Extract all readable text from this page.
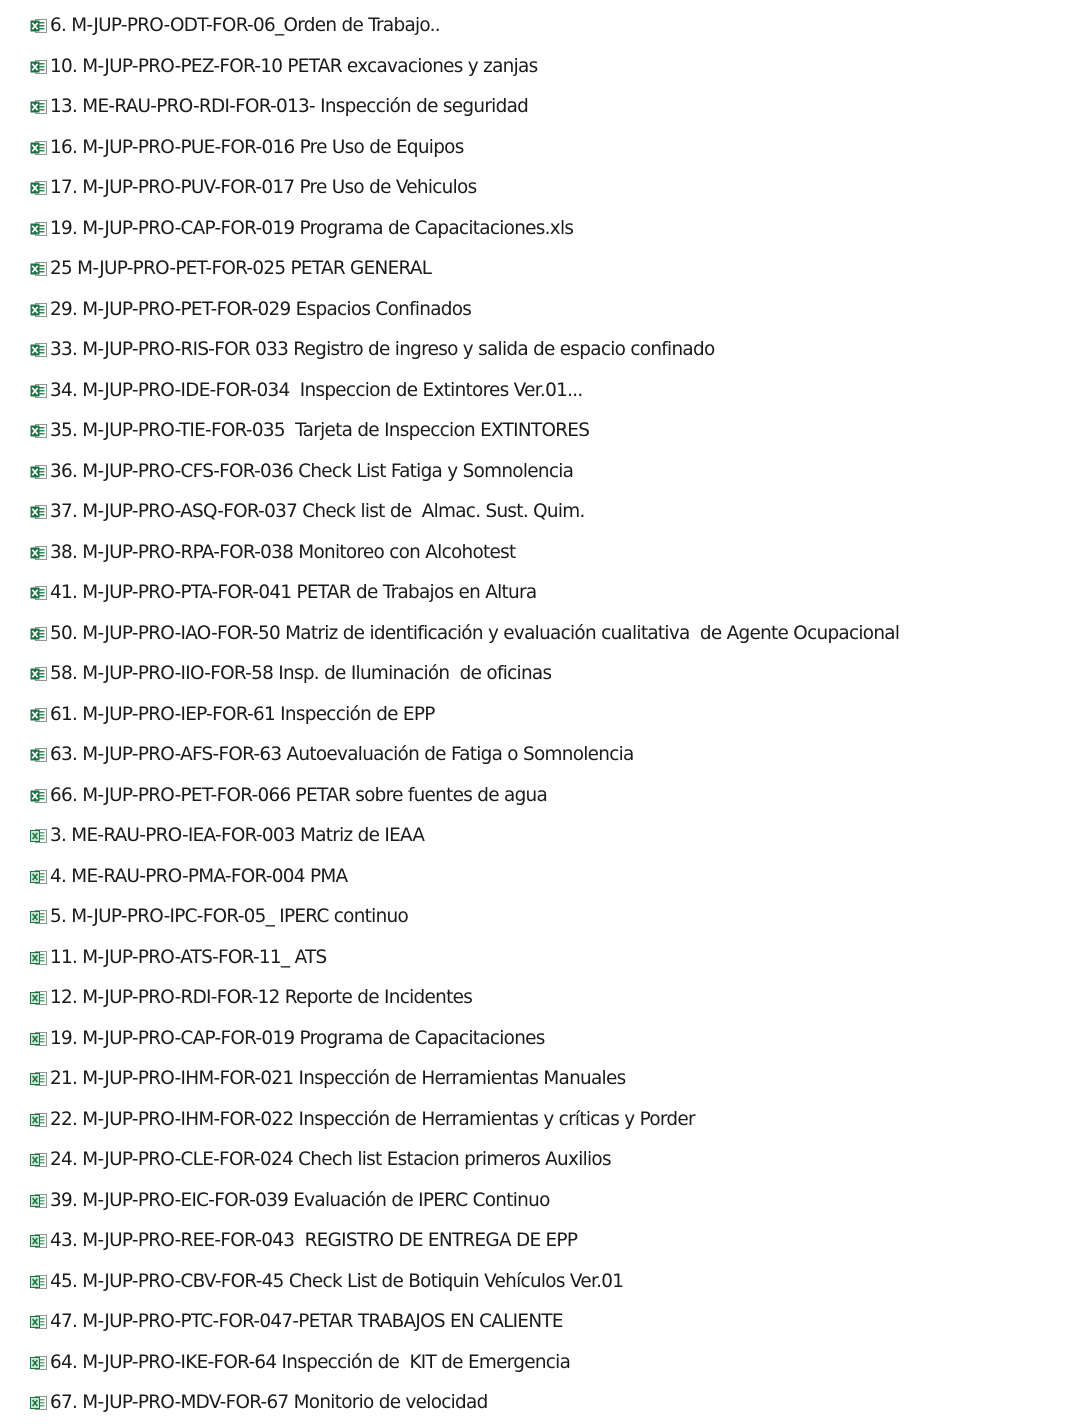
6. M-JUP-PRO-ODT-FOR-06_Orden de Trabajo..
10. M-JUP-PRO-PEZ-FOR-10 PETAR excavaciones y zanjas
13. ME-RAU-PRO-RDI-FOR-013- Inspección de seguridad
16. M-JUP-PRO-PUE-FOR-016 Pre Uso de Equipos
17. M-JUP-PRO-PUV-FOR-017 Pre Uso de Vehiculos
19. M-JUP-PRO-CAP-FOR-019 Programa de Capacitaciones.xls
25 M-JUP-PRO-PET-FOR-025 PETAR GENERAL
29. M-JUP-PRO-PET-FOR-029 Espacios Confinados
33. M-JUP-PRO-RIS-FOR 033 Registro de ingreso y salida de espacio confinado
34. M-JUP-PRO-IDE-FOR-034  Inspeccion de Extintores Ver.01...
35. M-JUP-PRO-TIE-FOR-035  Tarjeta de Inspeccion EXTINTORES
36. M-JUP-PRO-CFS-FOR-036 Check List Fatiga y Somnolencia
37. M-JUP-PRO-ASQ-FOR-037 Check list de  Almac. Sust. Quim.
38. M-JUP-PRO-RPA-FOR-038 Monitoreo con Alcohotest
41. M-JUP-PRO-PTA-FOR-041 PETAR de Trabajos en Altura
50. M-JUP-PRO-IAO-FOR-50 Matriz de identificación y evaluación cualitativa  de Agente Ocupacional
58. M-JUP-PRO-IIO-FOR-58 Insp. de Iluminación  de oficinas
61. M-JUP-PRO-IEP-FOR-61 Inspección de EPP
63. M-JUP-PRO-AFS-FOR-63 Autoevaluación de Fatiga o Somnolencia
66. M-JUP-PRO-PET-FOR-066 PETAR sobre fuentes de agua
3. ME-RAU-PRO-IEA-FOR-003 Matriz de IEAA
4. ME-RAU-PRO-PMA-FOR-004 PMA
5. M-JUP-PRO-IPC-FOR-05_ IPERC continuo
11. M-JUP-PRO-ATS-FOR-11_ ATS
12. M-JUP-PRO-RDI-FOR-12 Reporte de Incidentes
19. M-JUP-PRO-CAP-FOR-019 Programa de Capacitaciones
21. M-JUP-PRO-IHM-FOR-021 Inspección de Herramientas Manuales
22. M-JUP-PRO-IHM-FOR-022 Inspección de Herramientas y críticas y Porder
24. M-JUP-PRO-CLE-FOR-024 Chech list Estacion primeros Auxilios
39. M-JUP-PRO-EIC-FOR-039 Evaluación de IPERC Continuo
43. M-JUP-PRO-REE-FOR-043  REGISTRO DE ENTREGA DE EPP
45. M-JUP-PRO-CBV-FOR-45 Check List de Botiquin Vehículos Ver.01
47. M-JUP-PRO-PTC-FOR-047-PETAR TRABAJOS EN CALIENTE
64. M-JUP-PRO-IKE-FOR-64 Inspección de  KIT de Emergencia
67. M-JUP-PRO-MDV-FOR-67 Monitorio de velocidad
